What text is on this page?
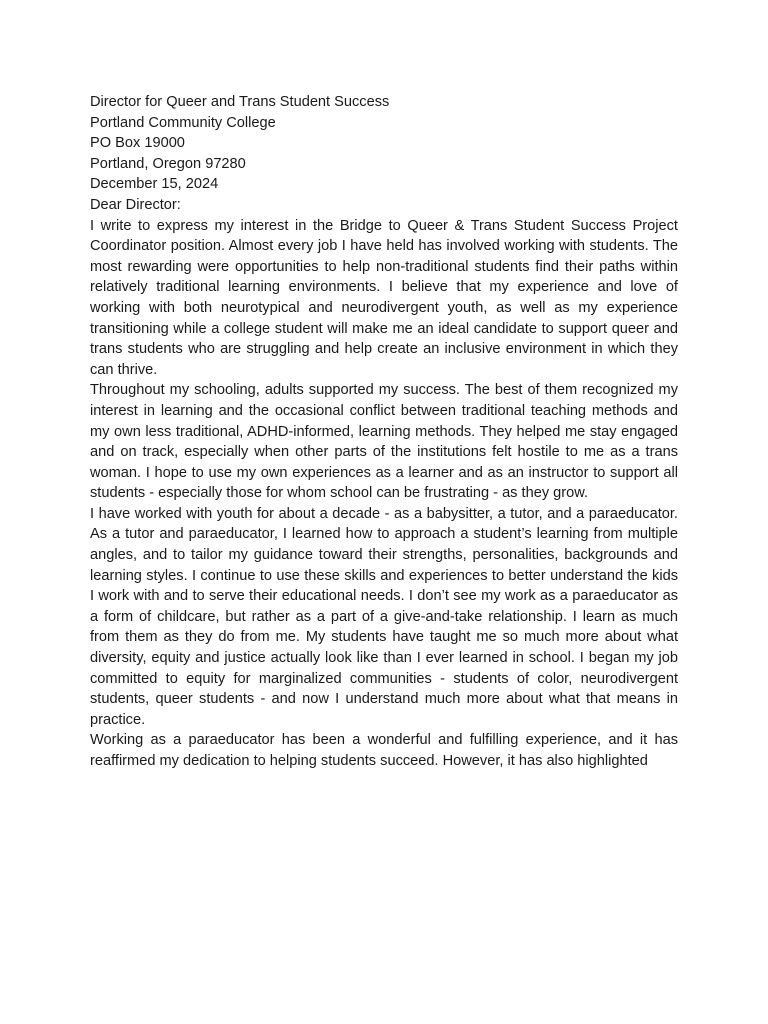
Director for Queer and Trans Student Success
Portland Community College
PO Box 19000
Portland, Oregon 97280

December 15, 2024

Dear Director:

I write to express my interest in the Bridge to Queer & Trans Student Success Project Coordinator position. Almost every job I have held has involved working with students. The most rewarding were opportunities to help non-traditional students find their paths within relatively traditional learning environments. I believe that my experience and love of working with both neurotypical and neurodivergent youth, as well as my experience transitioning while a college student will make me an ideal candidate to support queer and trans students who are struggling and help create an inclusive environment in which they can thrive.

Throughout my schooling, adults supported my success. The best of them recognized my interest in learning and the occasional conflict between traditional teaching methods and my own less traditional, ADHD-informed, learning methods. They helped me stay engaged and on track, especially when other parts of the institutions felt hostile to me as a trans woman. I hope to use my own experiences as a learner and as an instructor to support all students - especially those for whom school can be frustrating - as they grow.

I have worked with youth for about a decade - as a babysitter, a tutor, and a paraeducator. As a tutor and paraeducator, I learned how to approach a student’s learning from multiple angles, and to tailor my guidance toward their strengths, personalities, backgrounds and learning styles. I continue to use these skills and experiences to better understand the kids I work with and to serve their educational needs. I don’t see my work as a paraeducator as a form of childcare, but rather as a part of a give-and-take relationship. I learn as much from them as they do from me. My students have taught me so much more about what diversity, equity and justice actually look like than I ever learned in school. I began my job committed to equity for marginalized communities - students of color, neurodivergent students, queer students - and now I understand much more about what that means in practice.

Working as a paraeducator has been a wonderful and fulfilling experience, and it has reaffirmed my dedication to helping students succeed. However, it has also highlighted
